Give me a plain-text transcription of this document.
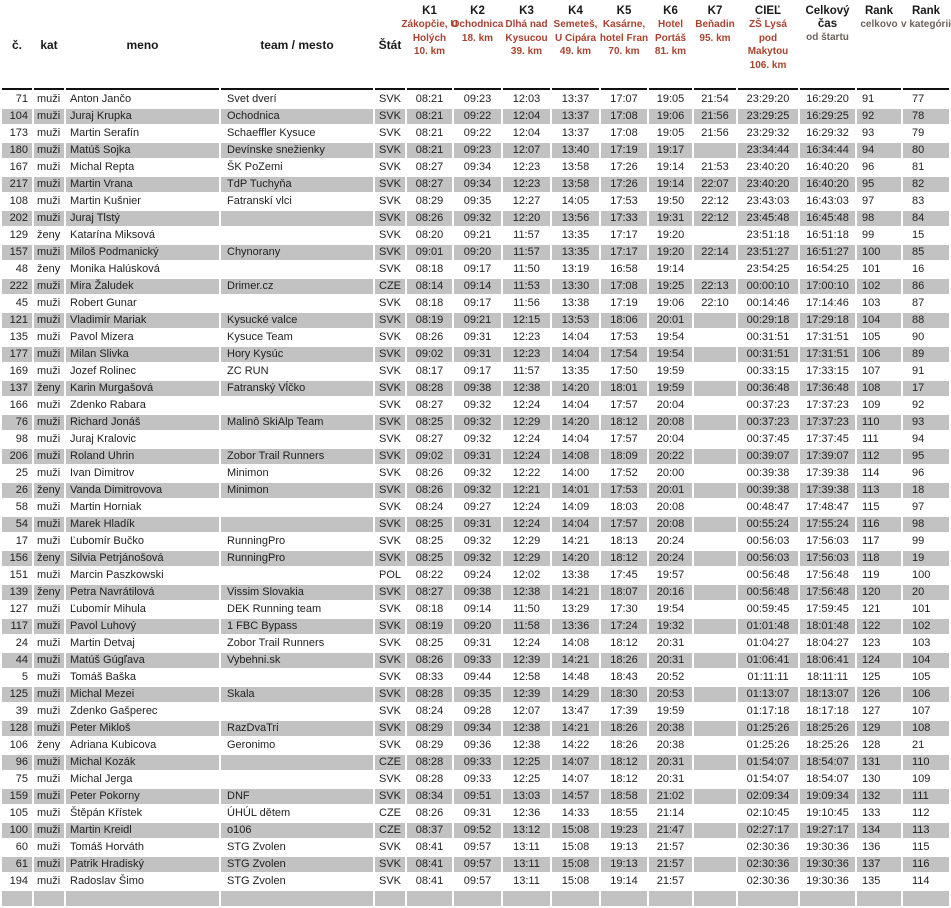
č.	kat	meno	team / mesto	Štát

K1
Zákopčie, U
Holých
10. km

K2
Ochodnica
18. km

K3
Dlhá nad
Kysucou
39. km

K4
Semeteš,
U Cipára
49. km

K5
Kasárne,
hotel Fran
70. km

K6
Hotel
Portáš
81. km

K7
Beňadin
95. km

CIEĽ
ZŠ Lysá
pod
Makytou
106. km

Celkový čas
od štartu

Rank
celkovo

Rank
v kategórii

71	muži	Anton Jančo	Svet dverí	SVK	08:21	09:23	12:03	13:37	17:07	19:05	21:54	23:29:20	16:29:20	91	77
104	muži	Juraj Krupka	Ochodnica	SVK	08:21	09:22	12:04	13:37	17:08	19:06	21:56	23:29:25	16:29:25	92	78
173	muži	Martin Serafín	Schaeffler Kysuce	SVK	08:21	09:22	12:04	13:37	17:08	19:05	21:56	23:29:32	16:29:32	93	79
180	muži	Matúš Sojka	Devínske snežienky	SVK	08:21	09:23	12:07	13:40	17:19	19:17		23:34:44	16:34:44	94	80
167	muži	Michal Repta	ŠK PoZemi	SVK	08:27	09:34	12:23	13:58	17:26	19:14	21:53	23:40:20	16:40:20	96	81
217	muži	Martin Vrana	TdP Tuchyňa	SVK	08:27	09:34	12:23	13:58	17:26	19:14	22:07	23:40:20	16:40:20	95	82
108	muži	Martin Kušnier	Fatranskí vlci	SVK	08:29	09:35	12:27	14:05	17:53	19:50	22:12	23:43:03	16:43:03	97	83
202	muži	Juraj Tlstý		SVK	08:26	09:32	12:20	13:56	17:33	19:31	22:12	23:45:48	16:45:48	98	84
129	ženy	Katarína Miksová		SVK	08:20	09:21	11:57	13:35	17:17	19:20		23:51:18	16:51:18	99	15
157	muži	Miloš Podmanický	Chynorany	SVK	09:01	09:20	11:57	13:35	17:17	19:20	22:14	23:51:27	16:51:27	100	85
48	ženy	Monika Halúsková		SVK	08:18	09:17	11:50	13:19	16:58	19:14		23:54:25	16:54:25	101	16
222	muži	Mira Žaludek	Drimer.cz	CZE	08:14	09:14	11:53	13:30	17:08	19:25	22:13	00:00:10	17:00:10	102	86
45	muži	Robert Gunar		SVK	08:18	09:17	11:56	13:38	17:19	19:06	22:10	00:14:46	17:14:46	103	87
121	muži	Vladimír Mariak	Kysucké valce	SVK	08:19	09:21	12:15	13:53	18:06	20:01		00:29:18	17:29:18	104	88
135	muži	Pavol Mizera	Kysuce Team	SVK	08:26	09:31	12:23	14:04	17:53	19:54		00:31:51	17:31:51	105	90
177	muži	Milan Slivka	Hory Kysúc	SVK	09:02	09:31	12:23	14:04	17:54	19:54		00:31:51	17:31:51	106	89
169	muži	Jozef Rolinec	ZC RUN	SVK	08:17	09:17	11:57	13:35	17:50	19:59		00:33:15	17:33:15	107	91
137	ženy	Karin Murgašová	Fatranský Vĺčko	SVK	08:28	09:38	12:38	14:20	18:01	19:59		00:36:48	17:36:48	108	17
166	muži	Zdenko Rabara		SVK	08:27	09:32	12:24	14:04	17:57	20:04		00:37:23	17:37:23	109	92
76	muži	Richard Jonáš	Malinô SkiAlp Team	SVK	08:25	09:32	12:29	14:20	18:12	20:08		00:37:23	17:37:23	110	93
98	muži	Juraj Kralovic		SVK	08:27	09:32	12:24	14:04	17:57	20:04		00:37:45	17:37:45	111	94
206	muži	Roland Uhrin	Zobor Trail Runners	SVK	09:02	09:31	12:24	14:08	18:09	20:22		00:39:07	17:39:07	112	95
25	muži	Ivan Dimitrov	Minimon	SVK	08:26	09:32	12:22	14:00	17:52	20:00		00:39:38	17:39:38	114	96
26	ženy	Vanda Dimitrovova	Minimon	SVK	08:26	09:32	12:21	14:01	17:53	20:01		00:39:38	17:39:38	113	18
58	muži	Martin Horniak		SVK	08:24	09:27	12:24	14:09	18:03	20:08		00:48:47	17:48:47	115	97
54	muži	Marek Hladík		SVK	08:25	09:31	12:24	14:04	17:57	20:08		00:55:24	17:55:24	116	98
17	muži	Ľubomír Bučko	RunningPro	SVK	08:25	09:32	12:29	14:21	18:13	20:24		00:56:03	17:56:03	117	99
156	ženy	Silvia Petrjánošová	RunningPro	SVK	08:25	09:32	12:29	14:20	18:12	20:24		00:56:03	17:56:03	118	19
151	muži	Marcin Paszkowski		POL	08:22	09:24	12:02	13:38	17:45	19:57		00:56:48	17:56:48	119	100
139	ženy	Petra Navrátilová	Vissim Slovakia	SVK	08:27	09:38	12:38	14:21	18:07	20:16		00:56:48	17:56:48	120	20
127	muži	Ľubomír Mihula	DEK Running team	SVK	08:18	09:14	11:50	13:29	17:30	19:54		00:59:45	17:59:45	121	101
117	muži	Pavol Luhový	1 FBC Bypass	SVK	08:19	09:20	11:58	13:36	17:24	19:32		01:01:48	18:01:48	122	102
24	muži	Martin Detvaj	Zobor Trail Runners	SVK	08:25	09:31	12:24	14:08	18:12	20:31		01:04:27	18:04:27	123	103
44	muži	Matúš Gúgľava	Vybehni.sk	SVK	08:26	09:33	12:39	14:21	18:26	20:31		01:06:41	18:06:41	124	104
5	muži	Tomáš Baška		SVK	08:33	09:44	12:58	14:48	18:43	20:52		01:11:11	18:11:11	125	105
125	muži	Michal Mezei	Skala	SVK	08:28	09:35	12:39	14:29	18:30	20:53		01:13:07	18:13:07	126	106
39	muži	Zdenko Gašperec		SVK	08:24	09:28	12:07	13:47	17:39	19:59		01:17:18	18:17:18	127	107
128	muži	Peter Mikloš	RazDvaTri	SVK	08:29	09:34	12:38	14:21	18:26	20:38		01:25:26	18:25:26	129	108
106	ženy	Adriana Kubicova	Geronimo	SVK	08:29	09:36	12:38	14:22	18:26	20:38		01:25:26	18:25:26	128	21
96	muži	Michal Kozák		CZE	08:28	09:33	12:25	14:07	18:12	20:31		01:54:07	18:54:07	131	110
75	muži	Michal Jerga		SVK	08:28	09:33	12:25	14:07	18:12	20:31		01:54:07	18:54:07	130	109
159	muži	Peter Pokorny	DNF	SVK	08:34	09:51	13:03	14:57	18:58	21:02		02:09:34	19:09:34	132	111
105	muži	Štěpán Křístek	ÚHÚL dětem	CZE	08:26	09:31	12:36	14:33	18:55	21:14		02:10:45	19:10:45	133	112
100	muži	Martin Kreidl	o106	CZE	08:37	09:52	13:12	15:08	19:23	21:47		02:27:17	19:27:17	134	113
60	muži	Tomáš Horváth	STG Zvolen	SVK	08:41	09:57	13:11	15:08	19:13	21:57		02:30:36	19:30:36	136	115
61	muži	Patrik Hradiský	STG Zvolen	SVK	08:41	09:57	13:11	15:08	19:13	21:57		02:30:36	19:30:36	137	116
194	muži	Radoslav Šimo	STG Zvolen	SVK	08:41	09:57	13:11	15:08	19:14	21:57		02:30:36	19:30:36	135	114
